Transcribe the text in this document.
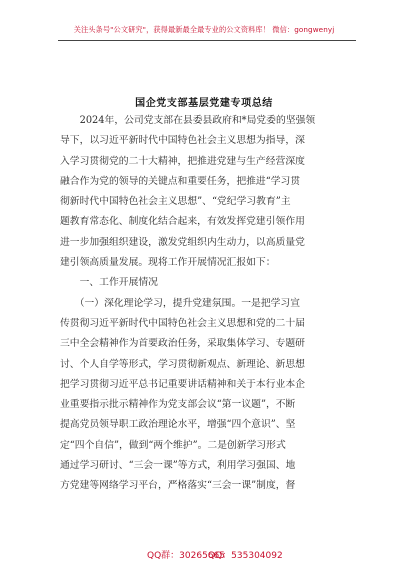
关注头条号"公文研究"，获得最新最全最专业的公文资料库！ 微信：gongwenyj
国企党支部基层党建专项总结
　　2024年，公司党支部在县委县政府和*局党委的坚强领
导下，以习近平新时代中国特色社会主义思想为指导，深
入学习贯彻党的二十大精神，把推进党建与生产经营深度
融合作为党的领导的关键点和重要任务，把推进“学习贯
彻新时代中国特色社会主义思想”、“党纪学习教育”主
题教育常态化、制度化结合起来，有效发挥党建引领作用
进一步加强组织建设，激发党组织内生动力，以高质量党
建引领高质量发展。现将工作开展情况汇报如下：
　　一、工作开展情况
　　（一）深化理论学习，提升党建氛围。一是把学习宣
传贯彻习近平新时代中国特色社会主义思想和党的二十届
三中全会精神作为首要政治任务，采取集体学习、专题研
讨、个人自学等形式，学习贯彻新观点、新理论、新思想
把学习贯彻习近平总书记重要讲话精神和关于本行业本企
业重要指示批示精神作为党支部会议“第一议题”，不断
提高党员领导职工政治理论水平，增强“四个意识”、坚
定“四个自信”，做到“两个维护”。二是创新学习形式
通过学习研讨、“三会一课”等方式，利用学习强国、地
方党建等网络学习平台，严格落实“三会一课”制度，督
QQ群：30265665
QQ：535304092
